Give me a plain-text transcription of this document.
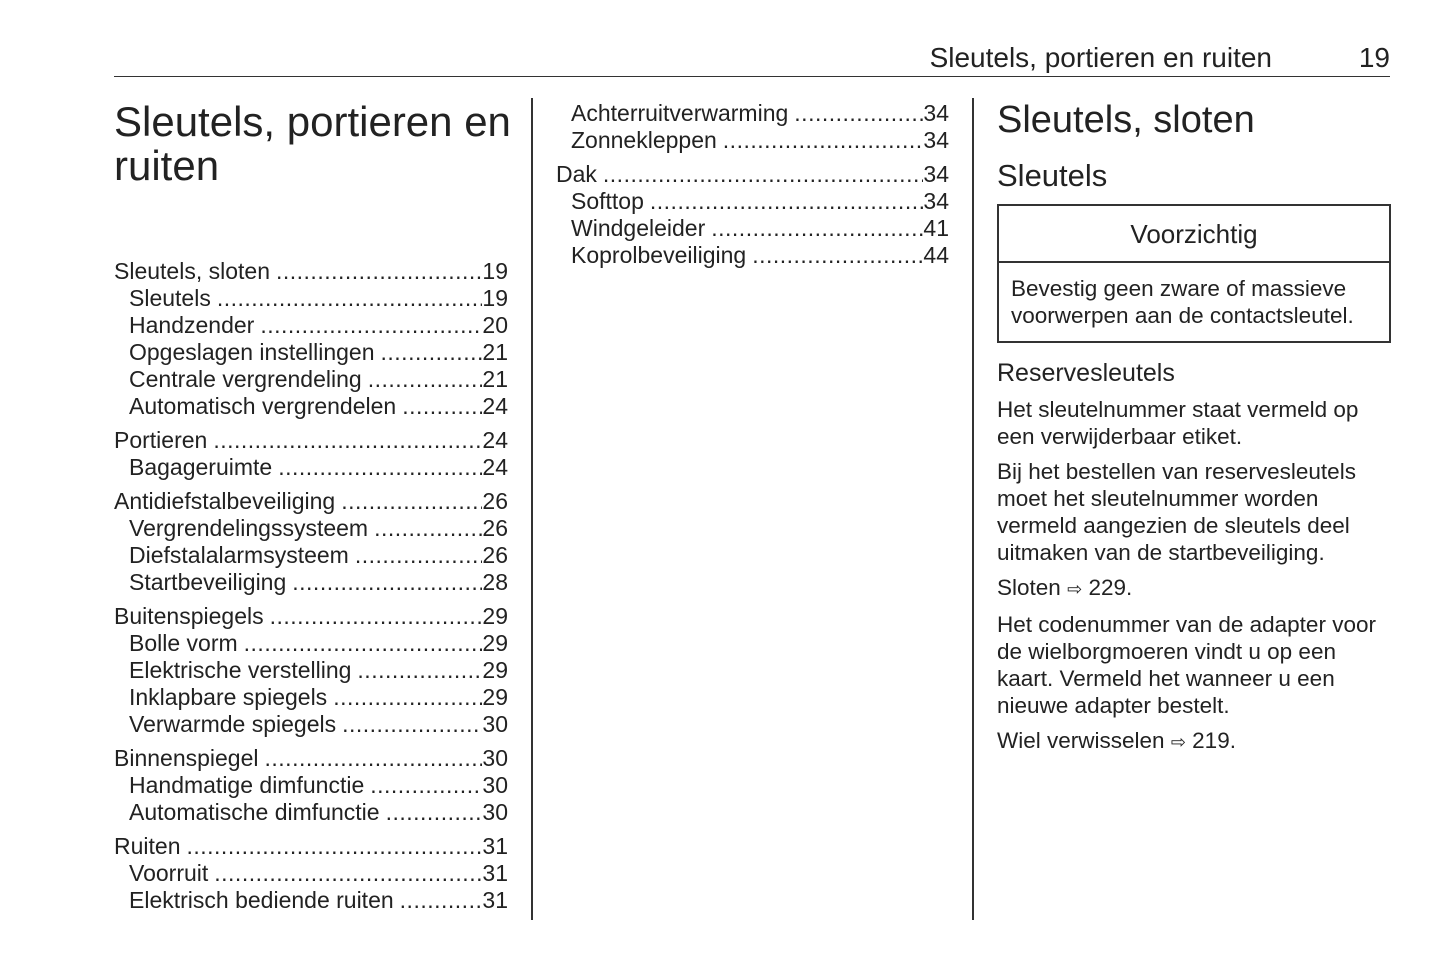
Sleutels, portieren en ruiten	19
Sleutels, portieren en ruiten
Sleutels, sloten .....	19
Sleutels .....	19
Handzender .....	20
Opgeslagen instellingen .....	21
Centrale vergrendeling .....	21
Automatisch vergrendelen .....	24
Portieren .....	24
Bagageruimte .....	24
Antidiefstalbeveiliging .....	26
Vergrendelingssysteem .....	26
Diefstalalarmsysteem .....	26
Startbeveiliging .....	28
Buitenspiegels .....	29
Bolle vorm .....	29
Elektrische verstelling .....	29
Inklapbare spiegels .....	29
Verwarmde spiegels .....	30
Binnenspiegel .....	30
Handmatige dimfunctie .....	30
Automatische dimfunctie .....	30
Ruiten .....	31
Voorruit .....	31
Elektrisch bediende ruiten .....	31
Achterruitverwarming .....	34
Zonnekleppen .....	34
Dak .....	34
Softtop .....	34
Windgeleider .....	41
Koprolbeveiliging .....	44
Sleutels, sloten
Sleutels
Voorzichtig
Bevestig geen zware of massieve voorwerpen aan de contactsleutel.
Reservesleutels
Het sleutelnummer staat vermeld op een verwijderbaar etiket.
Bij het bestellen van reservesleutels moet het sleutelnummer worden vermeld aangezien de sleutels deel uitmaken van de startbeveiliging.
Sloten ⇨ 229.
Het codenummer van de adapter voor de wielborgmoeren vindt u op een kaart. Vermeld het wanneer u een nieuwe adapter bestelt.
Wiel verwisselen ⇨ 219.
